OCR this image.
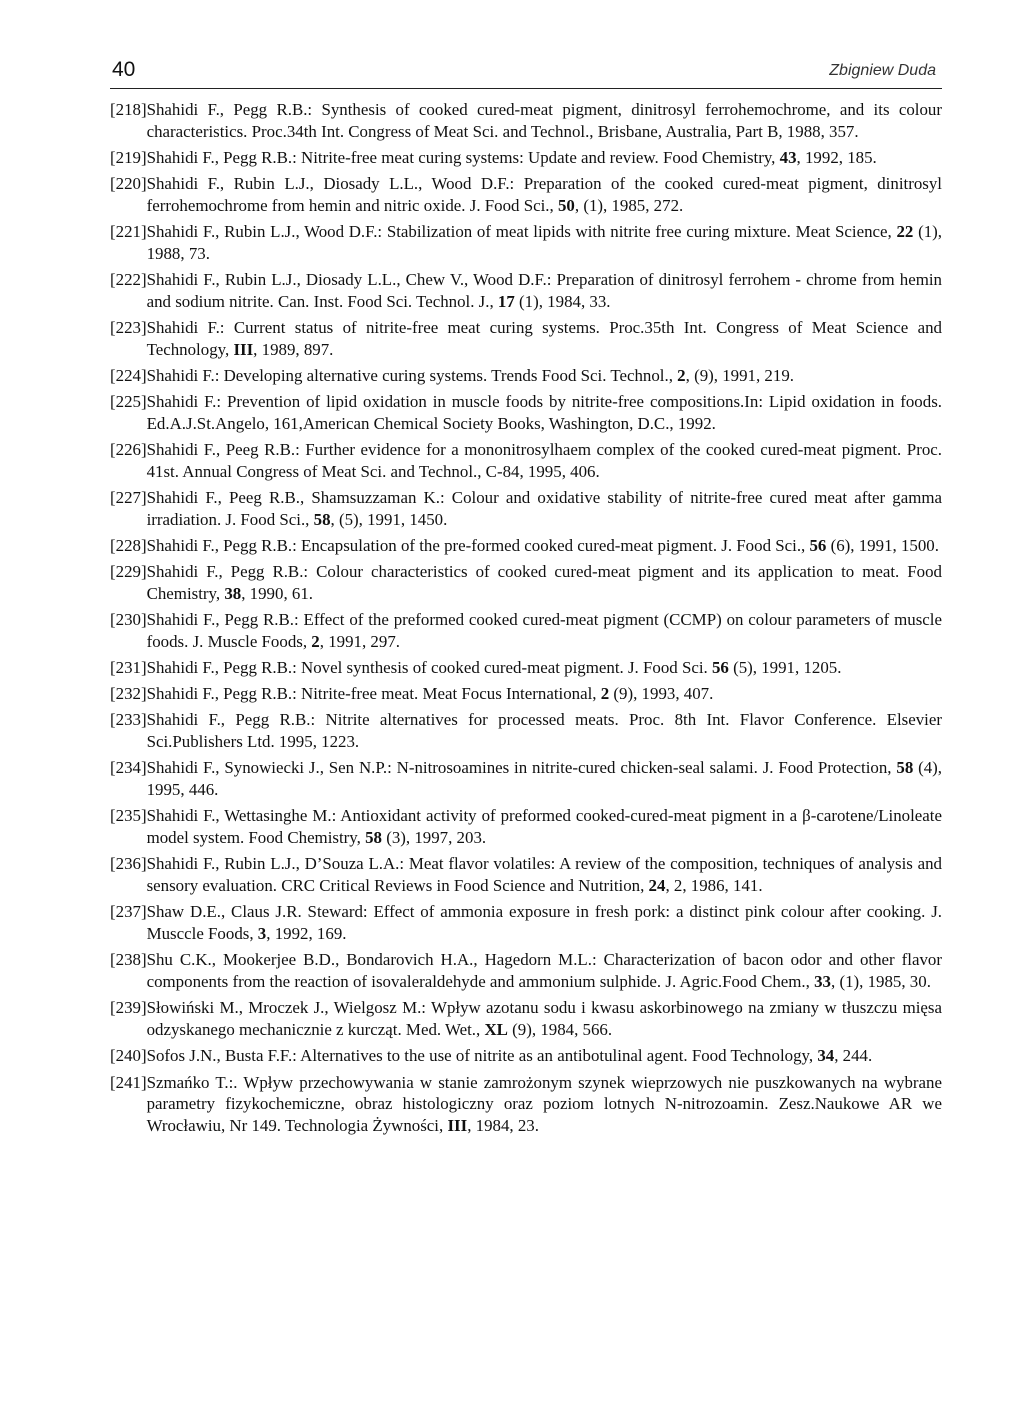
40	Zbigniew Duda
[218] Shahidi F., Pegg R.B.: Synthesis of cooked cured-meat pigment, dinitrosyl ferrohemochrome, and its colour characteristics. Proc.34th Int. Congress of Meat Sci. and Technol., Brisbane, Australia, Part B, 1988, 357.
[219] Shahidi F., Pegg R.B.: Nitrite-free meat curing systems: Update and review. Food Chemistry, 43, 1992, 185.
[220] Shahidi F., Rubin L.J., Diosady L.L., Wood D.F.: Preparation of the cooked cured-meat pigment, dinitrosyl ferrohemochrome from hemin and nitric oxide. J. Food Sci., 50, (1), 1985, 272.
[221] Shahidi F., Rubin L.J., Wood D.F.: Stabilization of meat lipids with nitrite free curing mixture. Meat Science, 22 (1), 1988, 73.
[222] Shahidi F., Rubin L.J., Diosady L.L., Chew V., Wood D.F.: Preparation of dinitrosyl ferrohem - chrome from hemin and sodium nitrite. Can. Inst. Food Sci. Technol. J., 17 (1), 1984, 33.
[223] Shahidi F.: Current status of nitrite-free meat curing systems. Proc.35th Int. Congress of Meat Science and Technology, III, 1989, 897.
[224] Shahidi F.: Developing alternative curing systems. Trends Food Sci. Technol., 2, (9), 1991, 219.
[225] Shahidi F.: Prevention of lipid oxidation in muscle foods by nitrite-free compositions.In: Lipid oxidation in foods. Ed.A.J.St.Angelo, 161,American Chemical Society Books, Washington, D.C., 1992.
[226] Shahidi F., Peeg R.B.: Further evidence for a mononitrosylhaem complex of the cooked cured-meat pigment. Proc. 41st. Annual Congress of Meat Sci. and Technol., C-84, 1995, 406.
[227] Shahidi F., Peeg R.B., Shamsuzzaman K.: Colour and oxidative stability of nitrite-free cured meat after gamma irradiation. J. Food Sci., 58, (5), 1991, 1450.
[228] Shahidi F., Pegg R.B.: Encapsulation of the pre-formed cooked cured-meat pigment. J. Food Sci., 56 (6), 1991, 1500.
[229] Shahidi F., Pegg R.B.: Colour characteristics of cooked cured-meat pigment and its application to meat. Food Chemistry, 38, 1990, 61.
[230] Shahidi F., Pegg R.B.: Effect of the preformed cooked cured-meat pigment (CCMP) on colour parameters of muscle foods. J. Muscle Foods, 2, 1991, 297.
[231] Shahidi F., Pegg R.B.: Novel synthesis of cooked cured-meat pigment. J. Food Sci. 56 (5), 1991, 1205.
[232] Shahidi F., Pegg R.B.: Nitrite-free meat. Meat Focus International, 2 (9), 1993, 407.
[233] Shahidi F., Pegg R.B.: Nitrite alternatives for processed meats. Proc. 8th Int. Flavor Conference. Elsevier Sci.Publishers Ltd. 1995, 1223.
[234] Shahidi F., Synowiecki J., Sen N.P.: N-nitrosoamines in nitrite-cured chicken-seal salami. J. Food Protection, 58 (4), 1995, 446.
[235] Shahidi F., Wettasinghe M.: Antioxidant activity of preformed cooked-cured-meat pigment in a β-carotene/Linoleate model system. Food Chemistry, 58 (3), 1997, 203.
[236] Shahidi F., Rubin L.J., D’Souza L.A.: Meat flavor volatiles: A review of the composition, techniques of analysis and sensory evaluation. CRC Critical Reviews in Food Science and Nutrition, 24, 2, 1986, 141.
[237] Shaw D.E., Claus J.R. Steward: Effect of ammonia exposure in fresh pork: a distinct pink colour after cooking. J. Musccle Foods, 3, 1992, 169.
[238] Shu C.K., Mookerjee B.D., Bondarovich H.A., Hagedorn M.L.: Characterization of bacon odor and other flavor components from the reaction of isovaleraldehyde and ammonium sulphide. J. Agric.Food Chem., 33, (1), 1985, 30.
[239] Słowiński M., Mroczek J., Wielgosz M.: Wpływ azotanu sodu i kwasu askorbinowego na zmiany w tłuszczu mięsa odzyskanego mechanicznie z kurcząt. Med. Wet., XL (9), 1984, 566.
[240] Sofos J.N., Busta F.F.: Alternatives to the use of nitrite as an antibotulinal agent. Food Technology, 34, 244.
[241] Szmańko T.:. Wpływ przechowywania w stanie zamrożonym szynek wieprzowych nie puszkowanych na wybrane parametry fizykochemiczne, obraz histologiczny oraz poziom lotnych N-nitrozoamin. Zesz.Naukowe AR we Wrocławiu, Nr 149. Technologia Żywności, III, 1984, 23.
